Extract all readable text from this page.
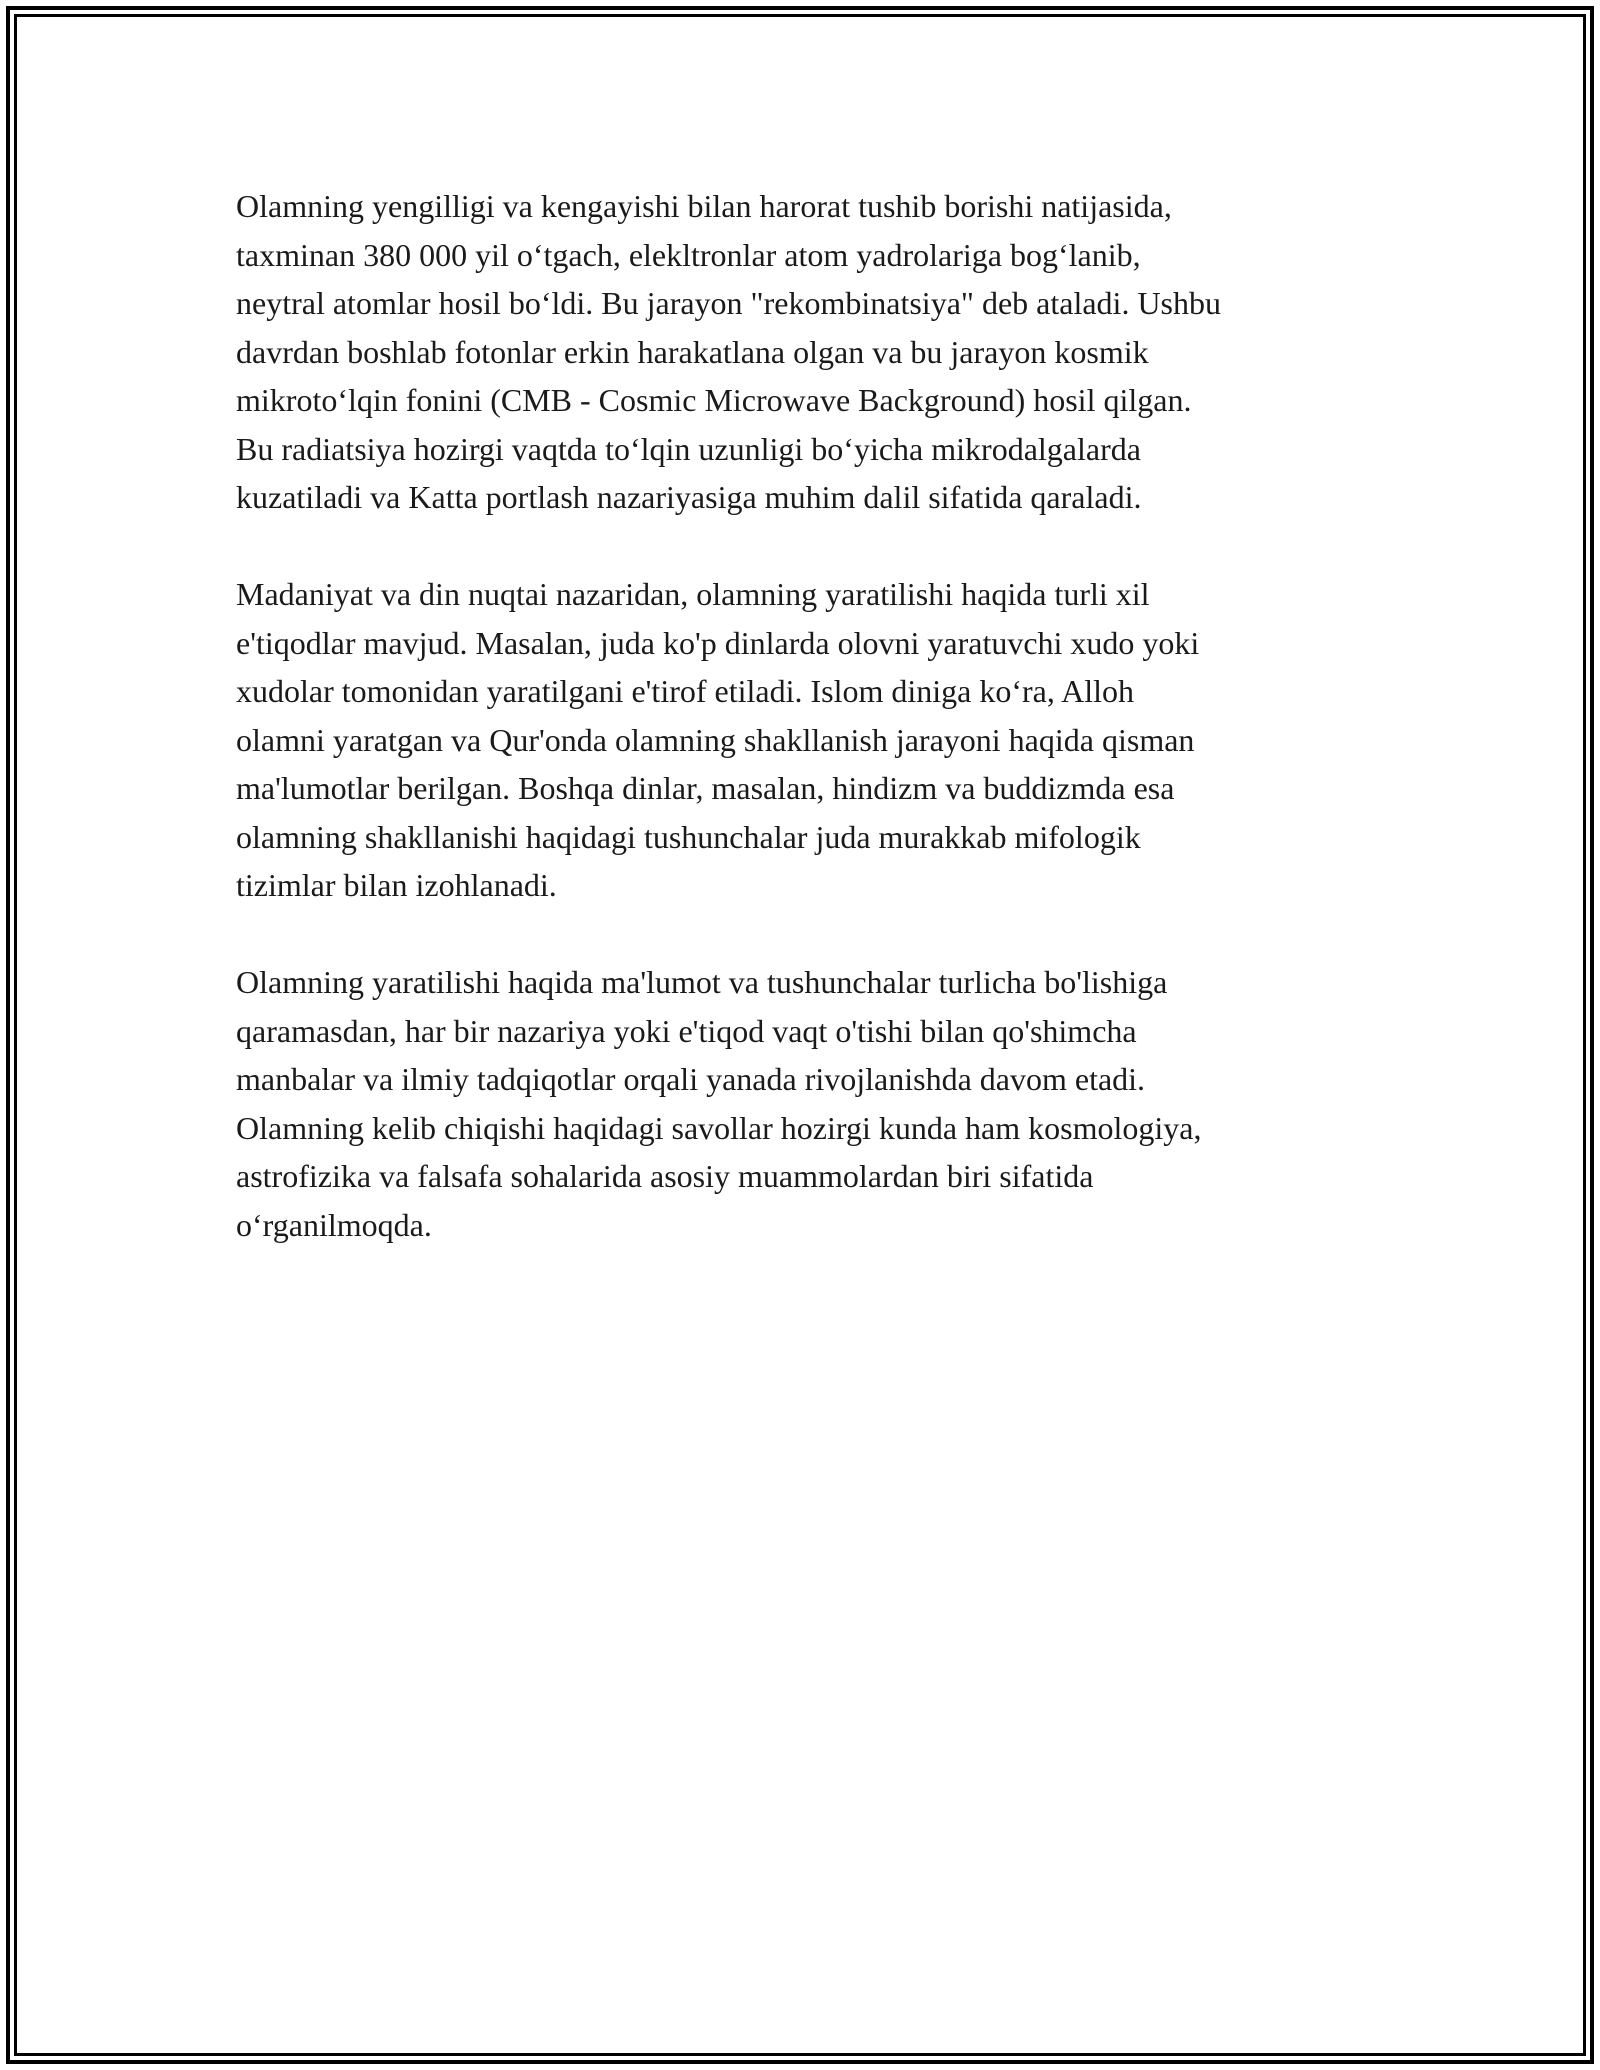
Olamning yengilligi va kengayishi bilan harorat tushib borishi natijasida,
taxminan 380 000 yil oʻtgach, elekltronlar atom yadrolariga bogʻlanib,
neytral atomlar hosil boʻldi. Bu jarayon "rekombinatsiya" deb ataladi. Ushbu
davrdan boshlab fotonlar erkin harakatlana olgan va bu jarayon kosmik
mikrotoʻlqin fonini (CMB - Cosmic Microwave Background) hosil qilgan.
Bu radiatsiya hozirgi vaqtda toʻlqin uzunligi boʻyicha mikrodalgalarda
kuzatiladi va Katta portlash nazariyasiga muhim dalil sifatida qaraladi.

Madaniyat va din nuqtai nazaridan, olamning yaratilishi haqida turli xil
e'tiqodlar mavjud. Masalan, juda ko'p dinlarda olovni yaratuvchi xudo yoki
xudolar tomonidan yaratilgani e'tirof etiladi. Islom diniga koʻra, Alloh
olamni yaratgan va Qur'onda olamning shakllanish jarayoni haqida qisman
ma'lumotlar berilgan. Boshqa dinlar, masalan, hindizm va buddizmda esa
olamning shakllanishi haqidagi tushunchalar juda murakkab mifologik
tizimlar bilan izohlanadi.

Olamning yaratilishi haqida ma'lumot va tushunchalar turlicha bo'lishiga
qaramasdan, har bir nazariya yoki e'tiqod vaqt o'tishi bilan qo'shimcha
manbalar va ilmiy tadqiqotlar orqali yanada rivojlanishda davom etadi.
Olamning kelib chiqishi haqidagi savollar hozirgi kunda ham kosmologiya,
astrofizika va falsafa sohalarida asosiy muammolardan biri sifatida
oʻrganilmoqda.
